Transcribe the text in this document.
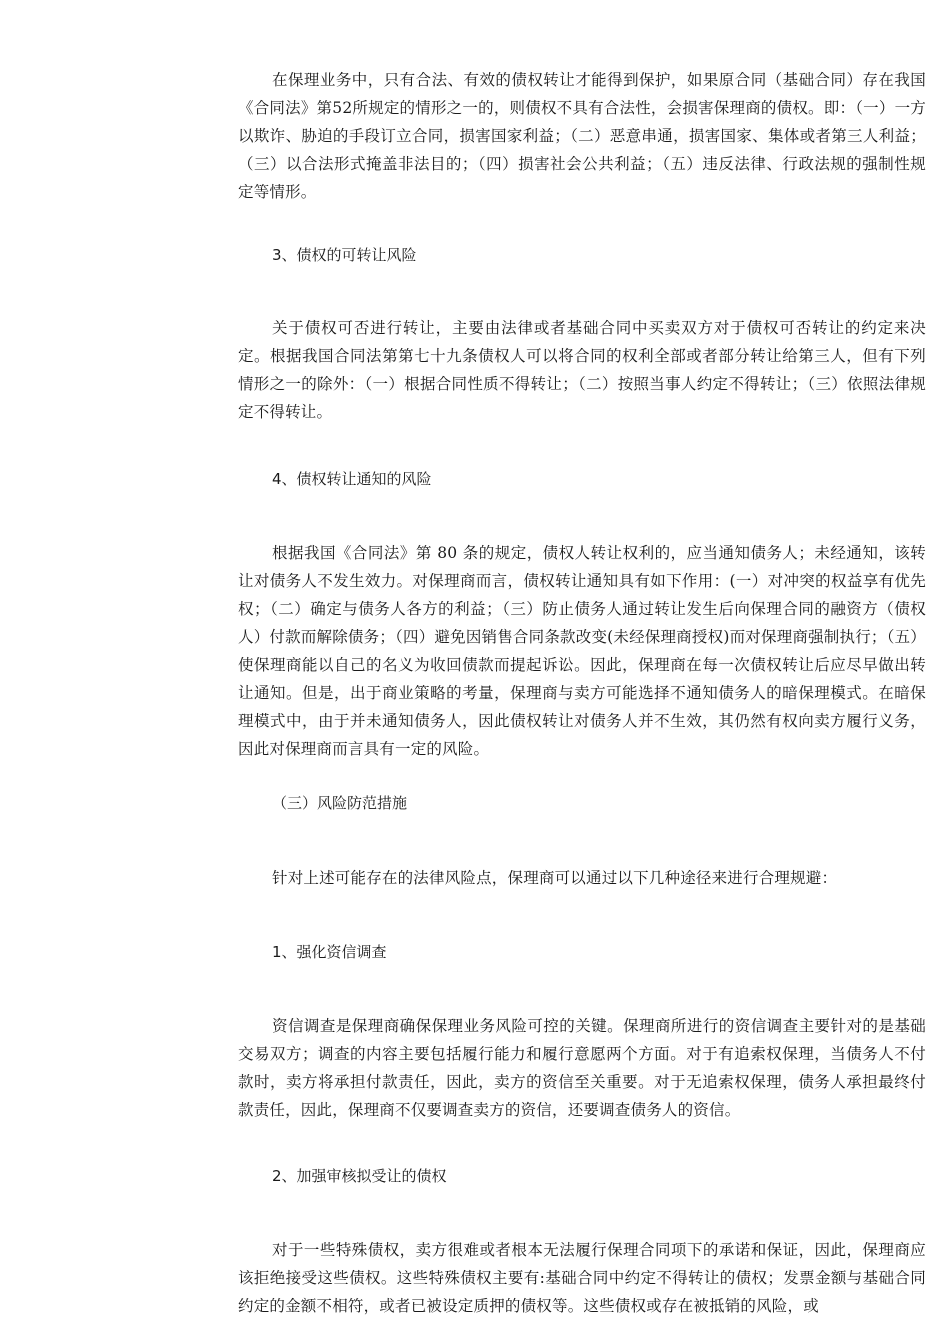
在保理业务中，只有合法、有效的债权转让才能得到保护，如果原合同（基础合同）存在我国《合同法》第52所规定的情形之一的，则债权不具有合法性，会损害保理商的债权。即：（一）一方以欺诈、胁迫的手段订立合同，损害国家利益；（二）恶意串通，损害国家、集体或者第三人利益；（三）以合法形式掩盖非法目的；（四）损害社会公共利益；（五）违反法律、行政法规的强制性规定等情形。
3、债权的可转让风险
关于债权可否进行转让，主要由法律或者基础合同中买卖双方对于债权可否转让的约定来决定。根据我国合同法第第七十九条债权人可以将合同的权利全部或者部分转让给第三人，但有下列情形之一的除外：（一）根据合同性质不得转让；（二）按照当事人约定不得转让；（三）依照法律规定不得转让。
4、债权转让通知的风险
根据我国《合同法》第 80 条的规定，债权人转让权利的，应当通知债务人；未经通知，该转让对债务人不发生效力。对保理商而言，债权转让通知具有如下作用：(一）对冲突的权益享有优先权；（二）确定与债务人各方的利益；（三）防止债务人通过转让发生后向保理合同的融资方（债权人）付款而解除债务；（四）避免因销售合同条款改变(未经保理商授权)而对保理商强制执行；（五）使保理商能以自己的名义为收回债款而提起诉讼。因此，保理商在每一次债权转让后应尽早做出转让通知。但是，出于商业策略的考量，保理商与卖方可能选择不通知债务人的暗保理模式。在暗保理模式中，由于并未通知债务人，因此债权转让对债务人并不生效，其仍然有权向卖方履行义务，因此对保理商而言具有一定的风险。
（三）风险防范措施
针对上述可能存在的法律风险点，保理商可以通过以下几种途径来进行合理规避：
1、强化资信调查
资信调查是保理商确保保理业务风险可控的关键。保理商所进行的资信调查主要针对的是基础交易双方；调查的内容主要包括履行能力和履行意愿两个方面。对于有追索权保理，当债务人不付款时，卖方将承担付款责任，因此，卖方的资信至关重要。对于无追索权保理，债务人承担最终付款责任，因此，保理商不仅要调查卖方的资信，还要调查债务人的资信。
2、加强审核拟受让的债权
对于一些特殊债权，卖方很难或者根本无法履行保理合同项下的承诺和保证，因此，保理商应该拒绝接受这些债权。这些特殊债权主要有:基础合同中约定不得转让的债权；发票金额与基础合同约定的金额不相符，或者已被设定质押的债权等。这些债权或存在被抵销的风险，或
